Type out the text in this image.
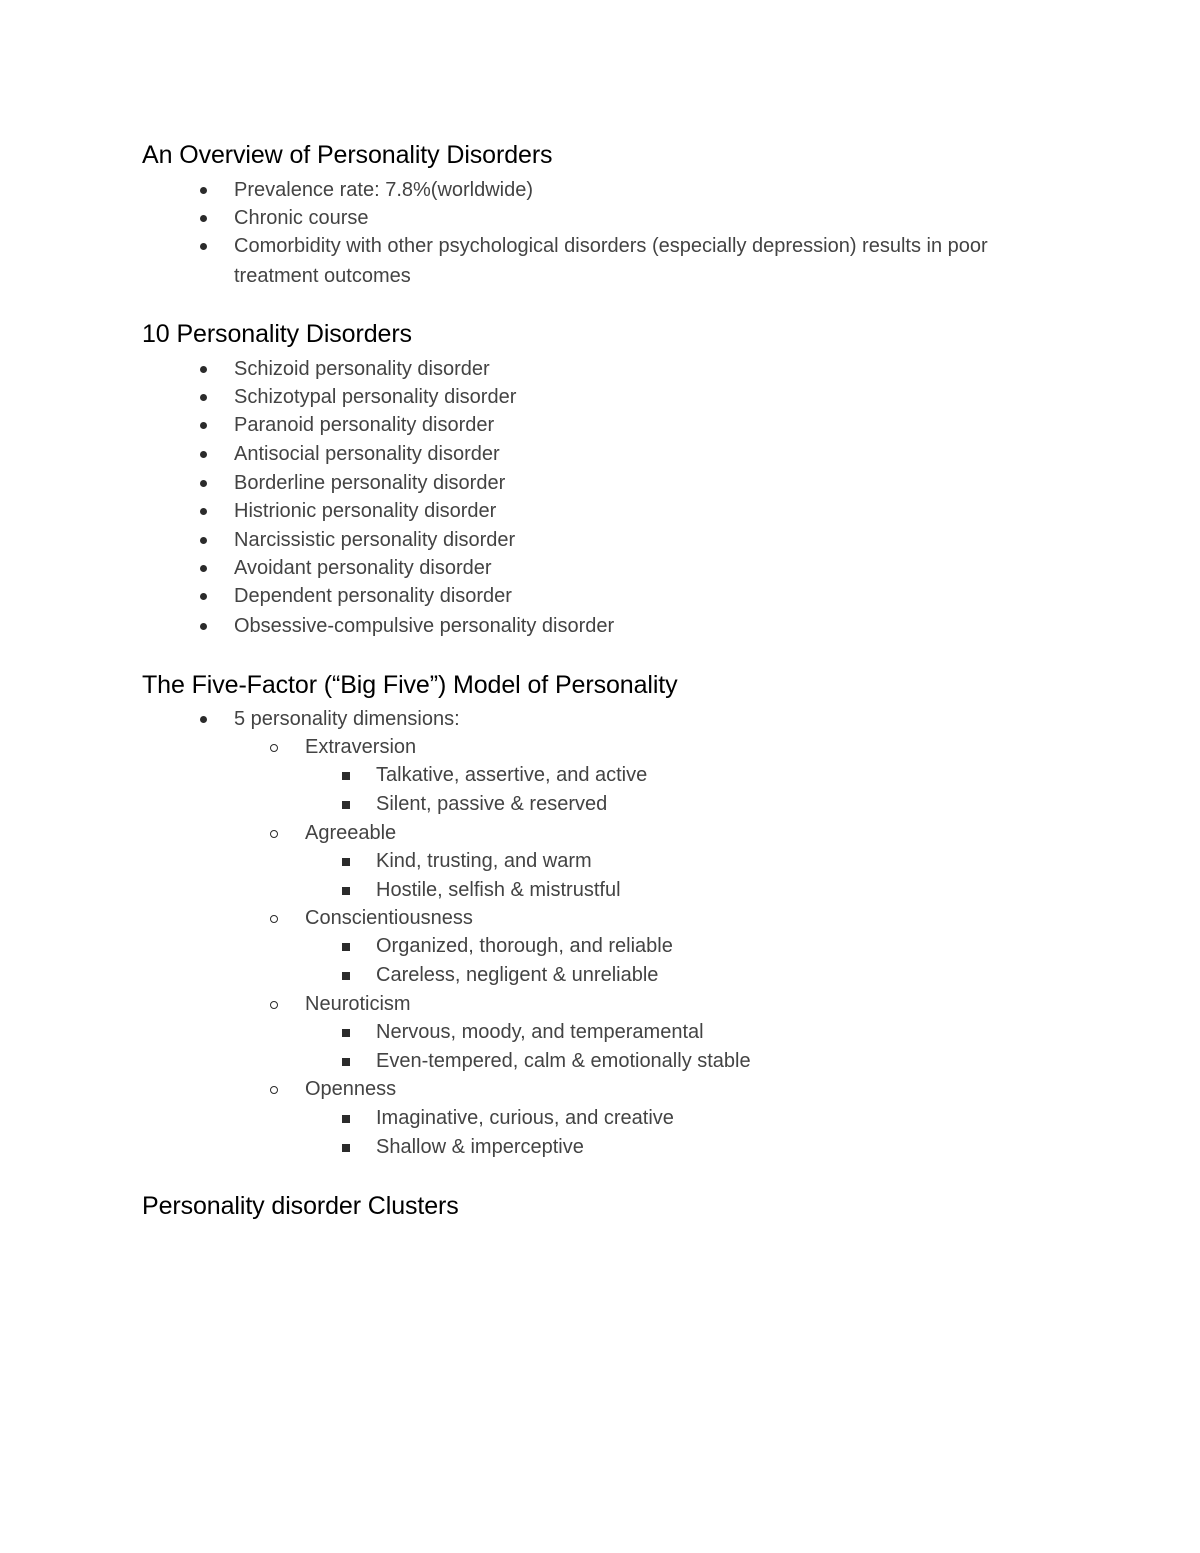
An Overview of Personality Disorders
Prevalence rate: 7.8%(worldwide)
Chronic course
Comorbidity with other psychological disorders (especially depression) results in poor
treatment outcomes
10 Personality Disorders
Schizoid personality disorder
Schizotypal personality disorder
Paranoid personality disorder
Antisocial personality disorder
Borderline personality disorder
Histrionic personality disorder
Narcissistic personality disorder
Avoidant personality disorder
Dependent personality disorder
Obsessive-compulsive personality disorder
The Five-Factor (“Big Five”) Model of Personality
5 personality dimensions:
Extraversion
Talkative, assertive, and active
Silent, passive & reserved
Agreeable
Kind, trusting, and warm
Hostile, selfish & mistrustful
Conscientiousness
Organized, thorough, and reliable
Careless, negligent & unreliable
Neuroticism
Nervous, moody, and temperamental
Even-tempered, calm & emotionally stable
Openness
Imaginative, curious, and creative
Shallow & imperceptive
Personality disorder Clusters
